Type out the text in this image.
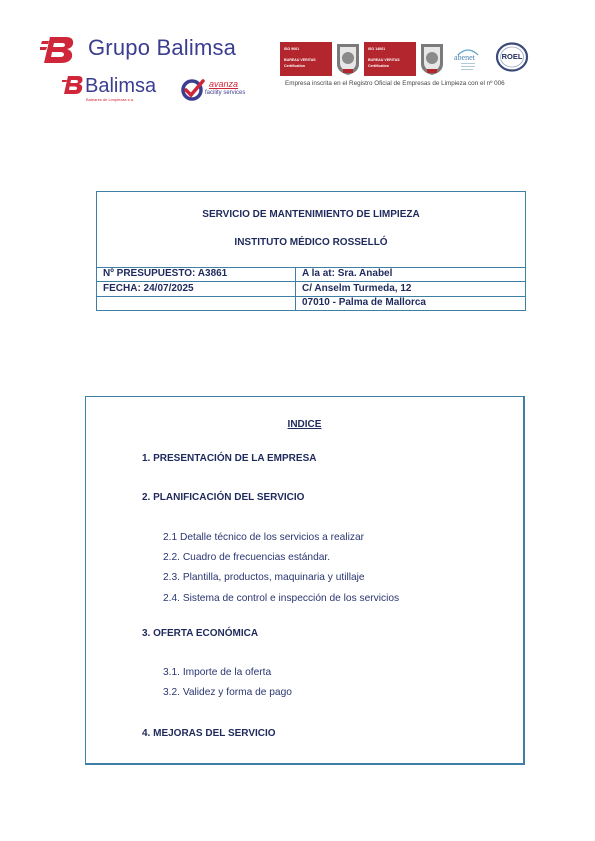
Grupo Balimsa
Balimsa
Baleares de Limpiezas s.a.
avanza
facility services
ISO 9001
BUREAU VERITAS
Certification
ISO 14001
BUREAU VERITAS
Certification
abenet	ROEL
Empresa inscrita en el Registro Oficial de Empresas de Limpieza con el nº 006
SERVICIO DE MANTENIMIENTO DE LIMPIEZA
INSTITUTO MÉDICO ROSSELLÓ
Nº PRESUPUESTO: A3861
FECHA: 24/07/2025
A la at: Sra. Anabel
C/ Anselm Turmeda, 12
07010 - Palma de Mallorca
INDICE
1. PRESENTACIÓN DE LA EMPRESA
2. PLANIFICACIÓN DEL SERVICIO
2.1 Detalle técnico de los servicios a realizar
2.2. Cuadro de frecuencias estándar.
2.3. Plantilla, productos, maquinaria y utillaje
2.4. Sistema de control e inspección de los servicios
3. OFERTA ECONÓMICA
3.1. Importe de la oferta
3.2. Validez y forma de pago
4. MEJORAS DEL SERVICIO
